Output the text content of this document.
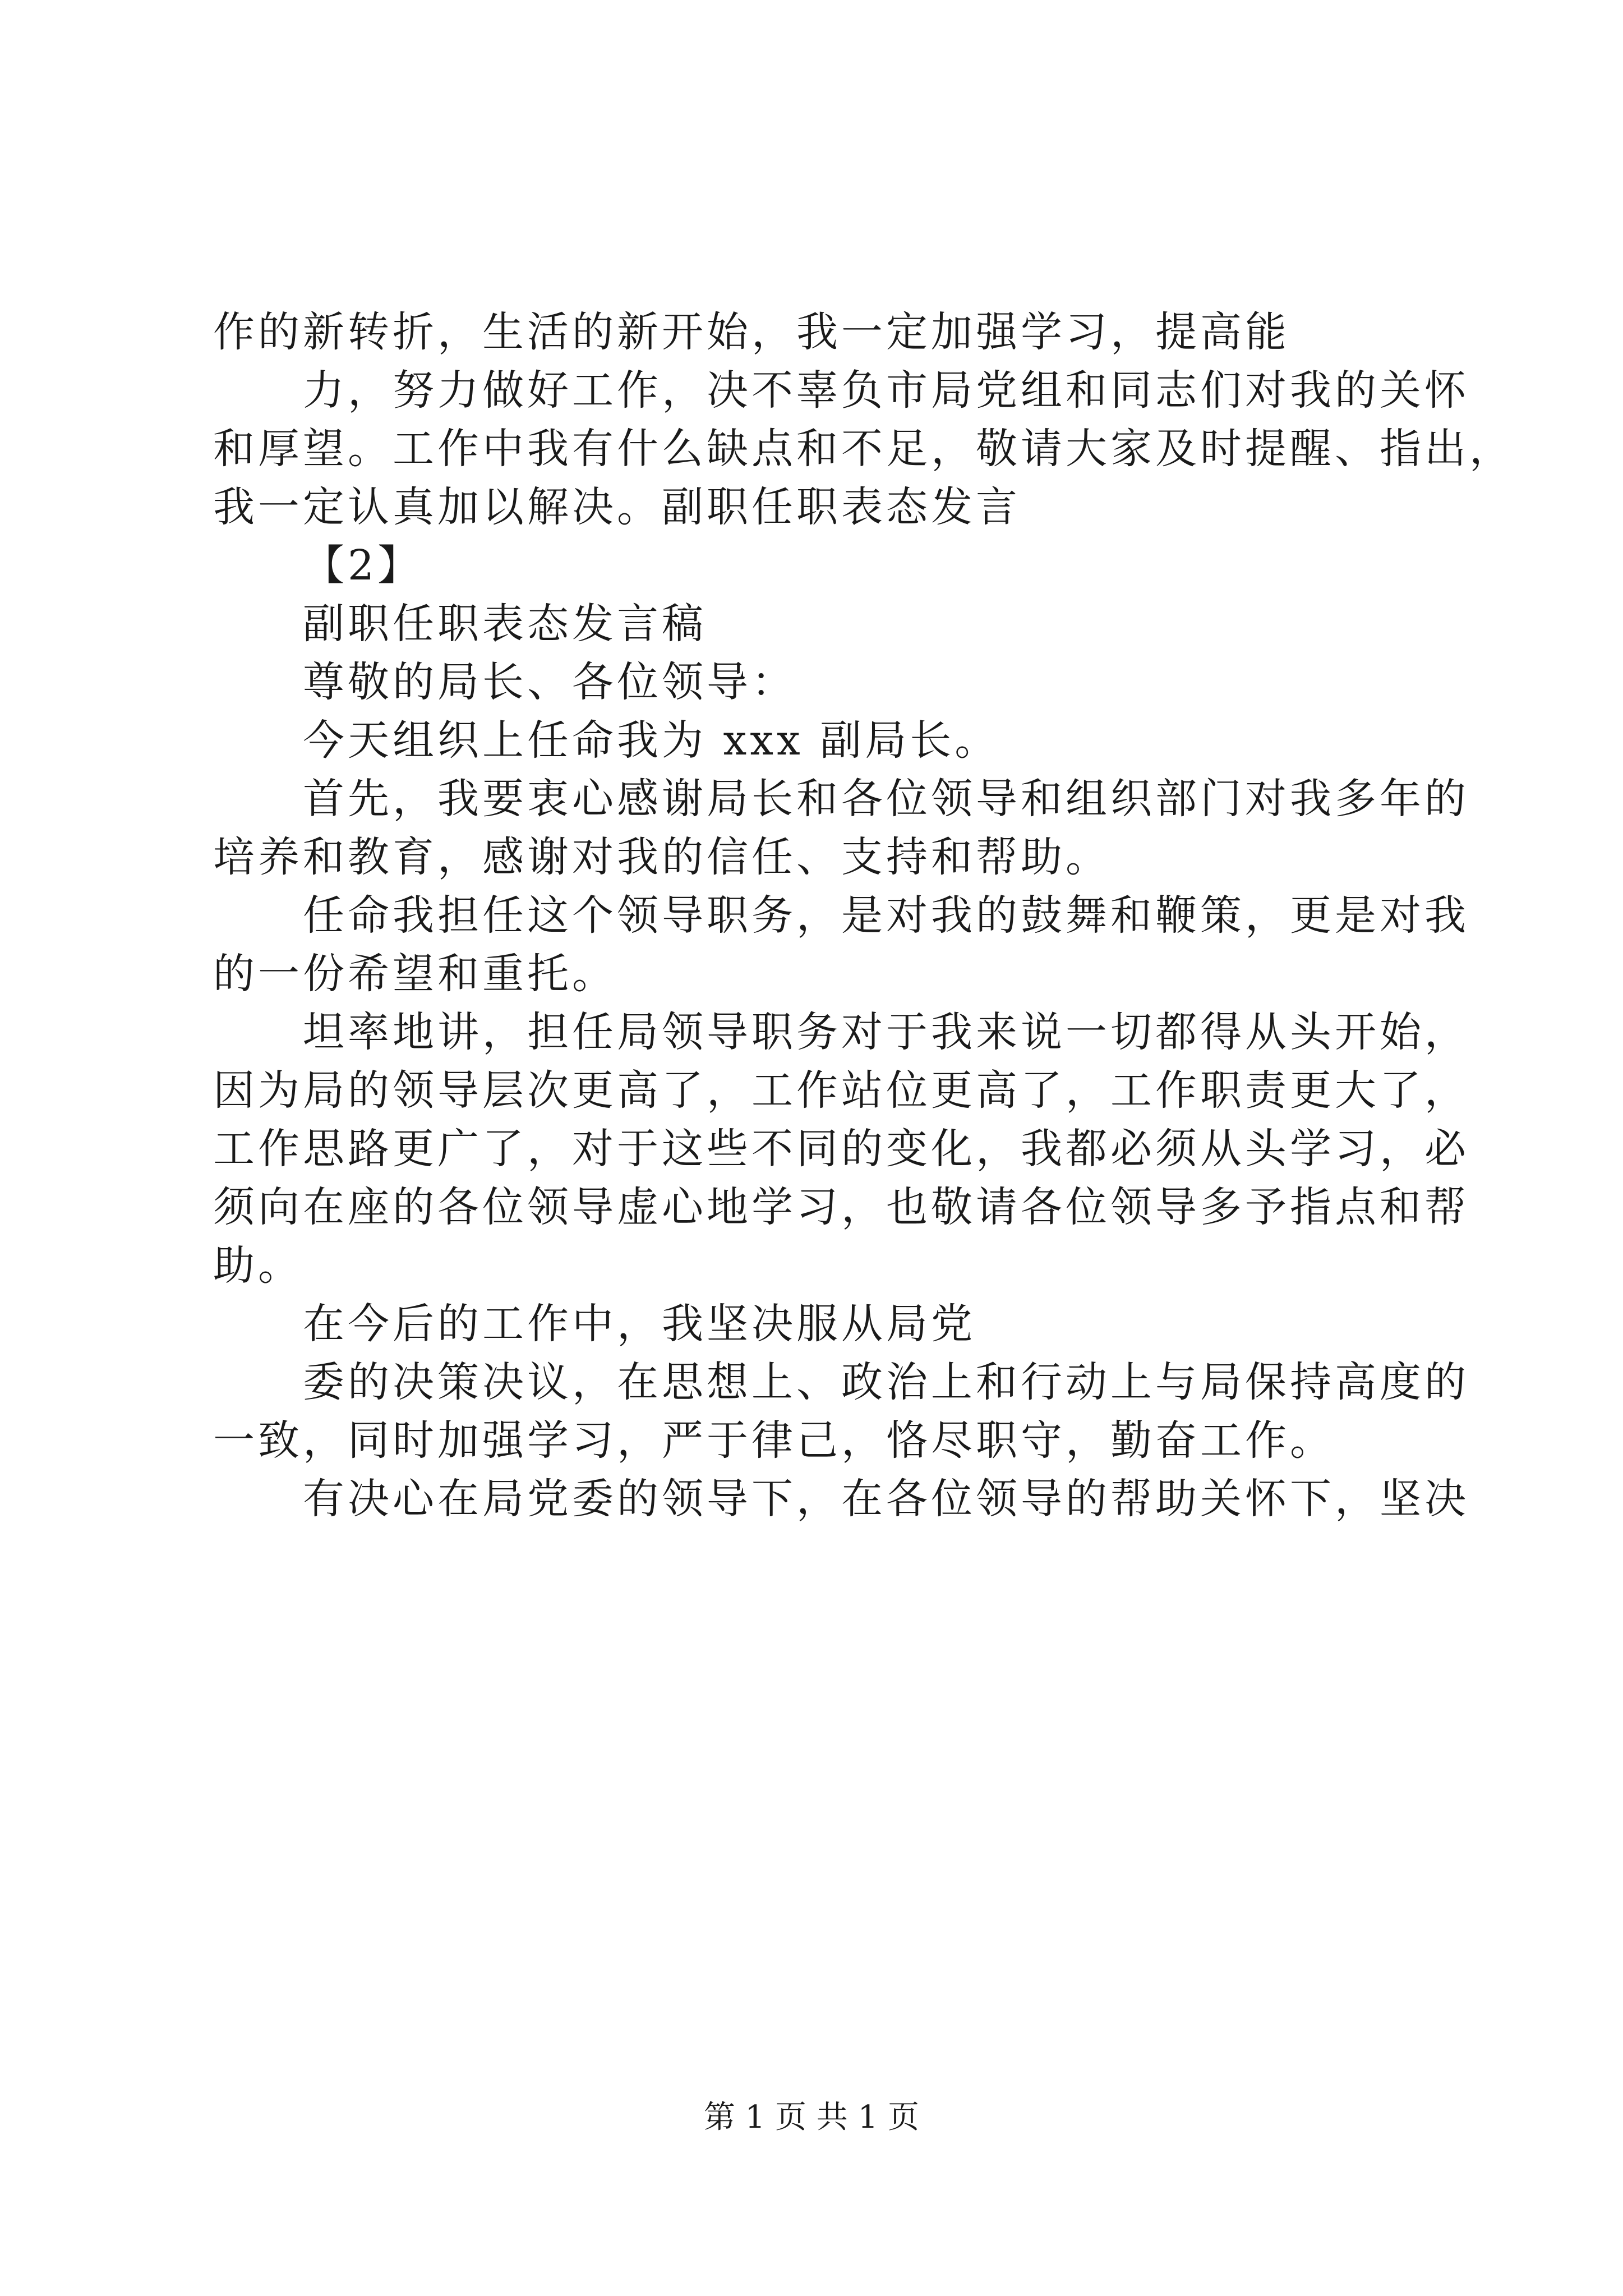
作的新转折，生活的新开始，我一定加强学习，提高能
力，努力做好工作，决不辜负市局党组和同志们对我的关怀
和厚望。工作中我有什么缺点和不足，敬请大家及时提醒、指出，
我一定认真加以解决。副职任职表态发言
【2】
副职任职表态发言稿
尊敬的局长、各位领导：
今天组织上任命我为 xxx 副局长。
首先，我要衷心感谢局长和各位领导和组织部门对我多年的
培养和教育，感谢对我的信任、支持和帮助。
任命我担任这个领导职务，是对我的鼓舞和鞭策，更是对我
的一份希望和重托。
坦率地讲，担任局领导职务对于我来说一切都得从头开始，
因为局的领导层次更高了，工作站位更高了，工作职责更大了，
工作思路更广了，对于这些不同的变化，我都必须从头学习，必
须向在座的各位领导虚心地学习，也敬请各位领导多予指点和帮
助。
在今后的工作中，我坚决服从局党
委的决策决议，在思想上、政治上和行动上与局保持高度的
一致，同时加强学习，严于律己，恪尽职守，勤奋工作。
有决心在局党委的领导下，在各位领导的帮助关怀下，坚决
第 1 页 共 1 页
